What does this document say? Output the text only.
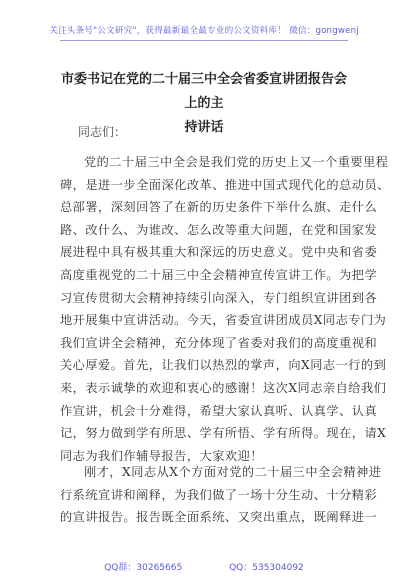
关注头条号"公文研究"，获得最新最全最专业的公文资料库！ 微信：gongwenj
市委书记在党的二十届三中全会省委宣讲团报告会上的主
持讲话
同志们：
党的二十届三中全会是我们党的历史上又一个重要里程
碑，是进一步全面深化改革、推进中国式现代化的总动员、
总部署，深刻回答了在新的历史条件下举什么旗、走什么
路、改什么、为谁改、怎么改等重大问题，在党和国家发
展进程中具有极其重大和深远的历史意义。党中央和省委
高度重视党的二十届三中全会精神宣传宣讲工作。为把学
习宣传贯彻大会精神持续引向深入，专门组织宣讲团到各
地开展集中宣讲活动。今天，省委宣讲团成员X同志专门为
我们宣讲全会精神，充分体现了省委对我们的高度重视和
关心厚爱。首先，让我们以热烈的掌声，向X同志一行的到
来，表示诚挚的欢迎和衷心的感谢！这次X同志亲自给我们
作宣讲，机会十分难得，希望大家认真听、认真学、认真
记，努力做到学有所思、学有所悟、学有所得。现在，请X
同志为我们作辅导报告，大家欢迎！
刚才，X同志从X个方面对党的二十届三中全会精神进
行系统宣讲和阐释，为我们做了一场十分生动、十分精彩
的宣讲报告。报告既全面系统、又突出重点，既阐释进一
QQ群：30265665	QQ：535304092
